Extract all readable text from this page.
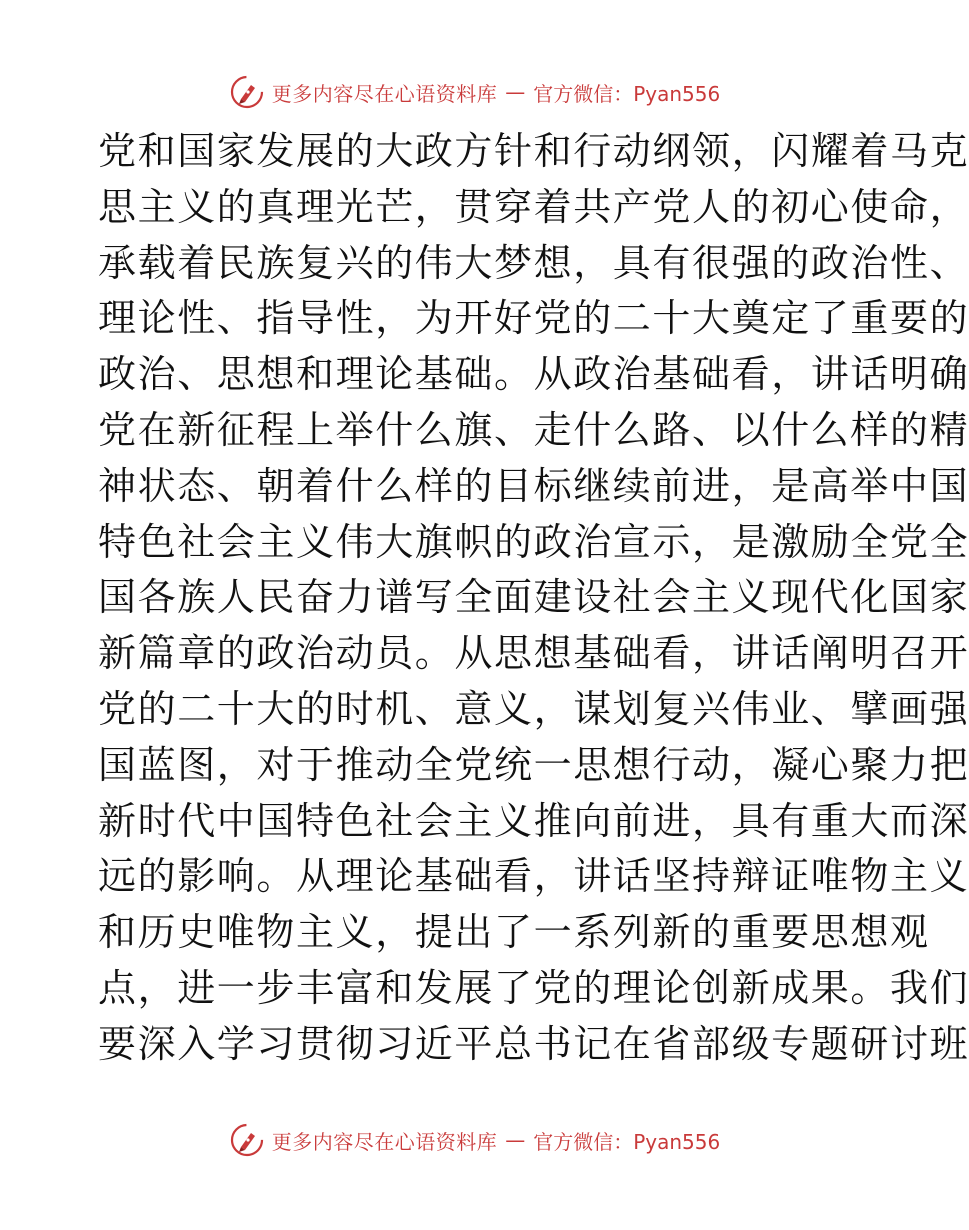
更多内容尽在心语资料库 — 官方微信：Pyan556
党和国家发展的大政方针和行动纲领，闪耀着马克
思主义的真理光芒，贯穿着共产党人的初心使命，
承载着民族复兴的伟大梦想，具有很强的政治性、
理论性、指导性，为开好党的二十大奠定了重要的
政治、思想和理论基础。从政治基础看，讲话明确
党在新征程上举什么旗、走什么路、以什么样的精
神状态、朝着什么样的目标继续前进，是高举中国
特色社会主义伟大旗帜的政治宣示，是激励全党全
国各族人民奋力谱写全面建设社会主义现代化国家
新篇章的政治动员。从思想基础看，讲话阐明召开
党的二十大的时机、意义，谋划复兴伟业、擘画强
国蓝图，对于推动全党统一思想行动，凝心聚力把
新时代中国特色社会主义推向前进，具有重大而深
远的影响。从理论基础看，讲话坚持辩证唯物主义
和历史唯物主义，提出了一系列新的重要思想观
点，进一步丰富和发展了党的理论创新成果。我们
要深入学习贯彻习近平总书记在省部级专题研讨班
更多内容尽在心语资料库 — 官方微信：Pyan556
